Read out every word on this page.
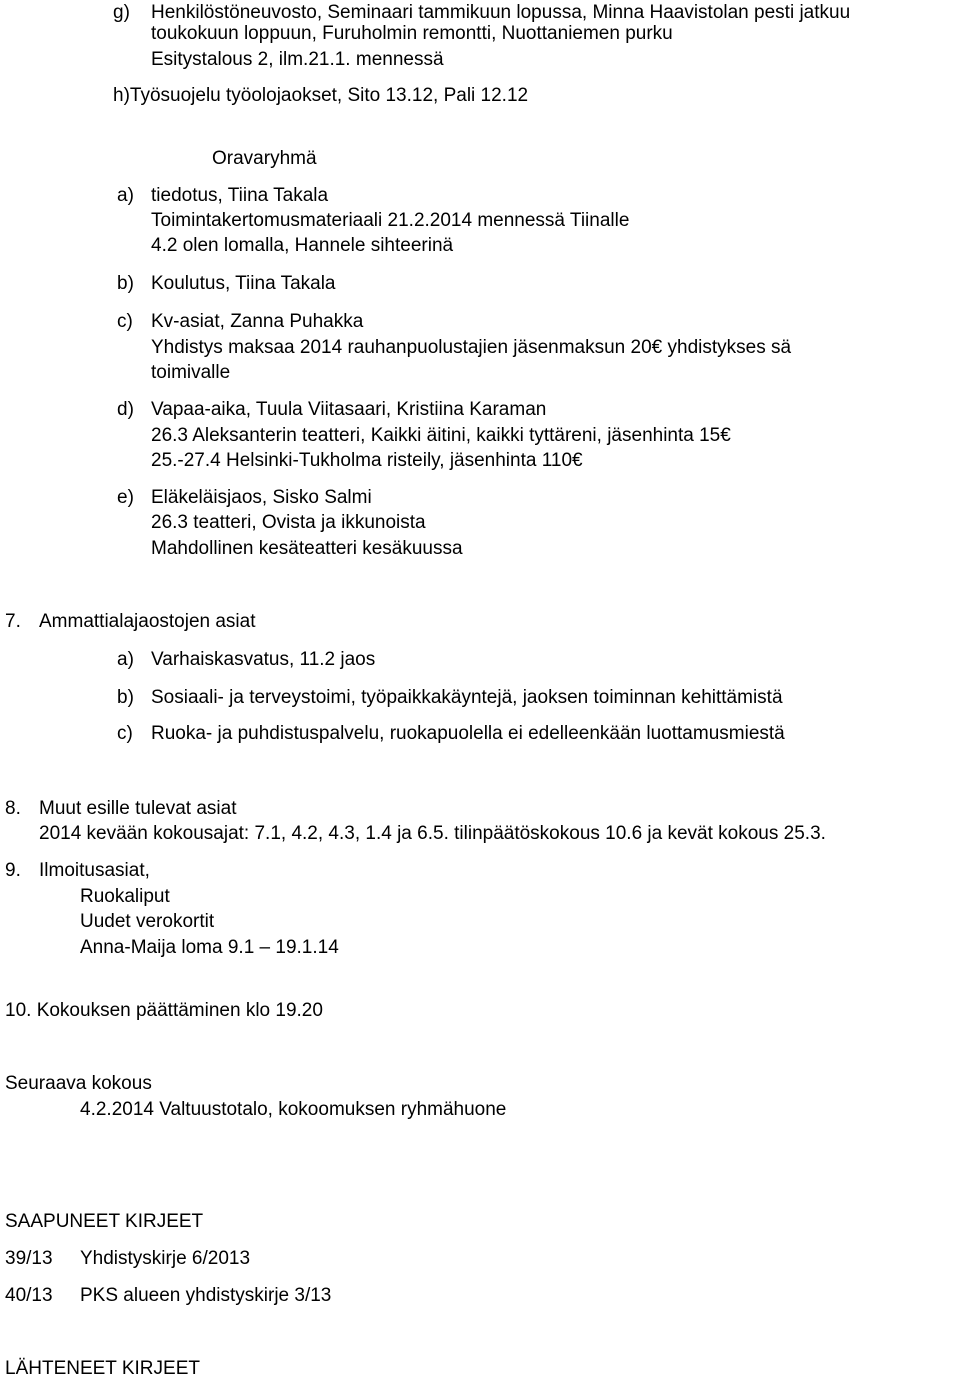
g) Henkilöstöneuvosto, Seminaari tammikuun lopussa, Minna Haavistolan pesti jatkuu
toukokuun loppuun, Furuholmin remontti, Nuottaniemen purku
Esitystalous 2, ilm.21.1. mennessä
h)Työsuojelu työolojaokset, Sito 13.12, Pali 12.12
Oravaryhmä
a) tiedotus, Tiina Takala
Toimintakertomusmateriaali 21.2.2014 mennessä Tiinalle
4.2 olen lomalla, Hannele sihteerinä
b) Koulutus, Tiina Takala
c) Kv-asiat, Zanna Puhakka
Yhdistys maksaa 2014 rauhanpuolustajien jäsenmaksun 20€ yhdistykses sä
toimivalle
d) Vapaa-aika, Tuula Viitasaari, Kristiina Karaman
26.3 Aleksanterin teatteri, Kaikki äitini, kaikki tyttäreni, jäsenhinta 15€
25.-27.4 Helsinki-Tukholma risteily, jäsenhinta 110€
e) Eläkeläisjaos, Sisko Salmi
26.3 teatteri, Ovista ja ikkunoista
Mahdollinen kesäteatteri kesäkuussa
7. Ammattialajaostojen asiat
a) Varhaiskasvatus, 11.2 jaos
b) Sosiaali- ja terveystoimi, työpaikkakäyntejä, jaoksen toiminnan kehittämistä
c) Ruoka- ja puhdistuspalvelu, ruokapuolella ei edelleenkään luottamusmiestä
8. Muut esille tulevat asiat
2014 kevään kokousajat: 7.1, 4.2, 4.3, 1.4 ja 6.5. tilinpäätöskokous 10.6 ja kevät kokous 25.3.
9. Ilmoitusasiat,
Ruokaliput
Uudet verokortit
Anna-Maija loma 9.1 – 19.1.14
10. Kokouksen päättäminen klo 19.20
Seuraava kokous
4.2.2014 Valtuustotalo, kokoomuksen ryhmähuone
SAAPUNEET KIRJEET
39/13 Yhdistyskirje 6/2013
40/13 PKS alueen yhdistyskirje 3/13
LÄHTENEET KIRJEET
